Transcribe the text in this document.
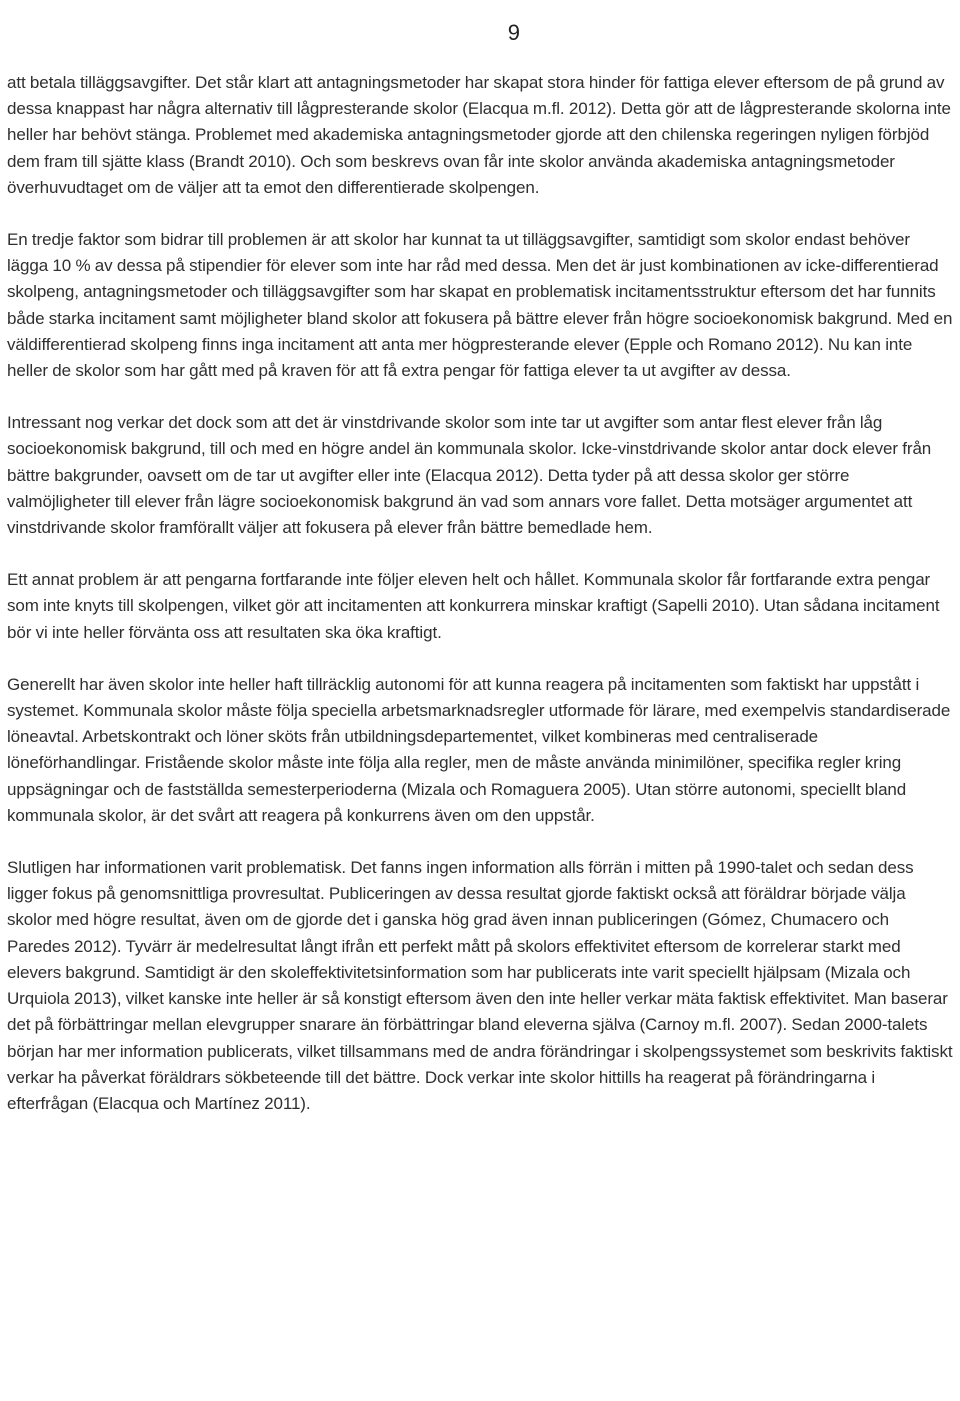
9

att betala tilläggsavgifter. Det står klart att antagningsmetoder har skapat stora hinder för fattiga elever eftersom de på grund av dessa knappast har några alternativ till lågpresterande skolor (Elacqua m.fl. 2012). Detta gör att de lågpresterande skolorna inte heller har behövt stänga. Problemet med akademiska antagningsmetoder gjorde att den chilenska regeringen nyligen förbjöd dem fram till sjätte klass (Brandt 2010). Och som beskrevs ovan får inte skolor använda akademiska antagningsmetoder överhuvudtaget om de väljer att ta emot den differentierade skolpengen.

En tredje faktor som bidrar till problemen är att skolor har kunnat ta ut tilläggsavgifter, samtidigt som skolor endast behöver lägga 10 % av dessa på stipendier för elever som inte har råd med dessa. Men det är just kombinationen av icke-differentierad skolpeng, antagningsmetoder och tilläggsavgifter som har skapat en problematisk incitamentsstruktur eftersom det har funnits både starka incitament samt möjligheter bland skolor att fokusera på bättre elever från högre socioekonomisk bakgrund. Med en väldifferentierad skolpeng finns inga incitament att anta mer högpresterande elever (Epple och Romano 2012). Nu kan inte heller de skolor som har gått med på kraven för att få extra pengar för fattiga elever ta ut avgifter av dessa.

Intressant nog verkar det dock som att det är vinstdrivande skolor som inte tar ut avgifter som antar flest elever från låg socioekonomisk bakgrund, till och med en högre andel än kommunala skolor. Icke-vinstdrivande skolor antar dock elever från bättre bakgrunder, oavsett om de tar ut avgifter eller inte (Elacqua 2012). Detta tyder på att dessa skolor ger större valmöjligheter till elever från lägre socioekonomisk bakgrund än vad som annars vore fallet. Detta motsäger argumentet att vinstdrivande skolor framförallt väljer att fokusera på elever från bättre bemedlade hem.

Ett annat problem är att pengarna fortfarande inte följer eleven helt och hållet. Kommunala skolor får fortfarande extra pengar som inte knyts till skolpengen, vilket gör att incitamenten att konkurrera minskar kraftigt (Sapelli 2010). Utan sådana incitament bör vi inte heller förvänta oss att resultaten ska öka kraftigt.

Generellt har även skolor inte heller haft tillräcklig autonomi för att kunna reagera på incitamenten som faktiskt har uppstått i systemet. Kommunala skolor måste följa speciella arbetsmarknadsregler utformade för lärare, med exempelvis standardiserade löneavtal. Arbetskontrakt och löner sköts från utbildningsdepartementet, vilket kombineras med centraliserade löneförhandlingar. Fristående skolor måste inte följa alla regler, men de måste använda minimilöner, specifika regler kring uppsägningar och de fastställda semesterperioderna (Mizala och Romaguera 2005). Utan större autonomi, speciellt bland kommunala skolor, är det svårt att reagera på konkurrens även om den uppstår.

Slutligen har informationen varit problematisk. Det fanns ingen information alls förrän i mitten på 1990-talet och sedan dess ligger fokus på genomsnittliga provresultat. Publiceringen av dessa resultat gjorde faktiskt också att föräldrar började välja skolor med högre resultat, även om de gjorde det i ganska hög grad även innan publiceringen (Gómez, Chumacero och Paredes 2012). Tyvärr är medelresultat långt ifrån ett perfekt mått på skolors effektivitet eftersom de korrelerar starkt med elevers bakgrund. Samtidigt är den skoleffektivitetsinformation som har publicerats inte varit speciellt hjälpsam (Mizala och Urquiola 2013), vilket kanske inte heller är så konstigt eftersom även den inte heller verkar mäta faktisk effektivitet. Man baserar det på förbättringar mellan elevgrupper snarare än förbättringar bland eleverna själva (Carnoy m.fl. 2007). Sedan 2000-talets början har mer information publicerats, vilket tillsammans med de andra förändringar i skolpengssystemet som beskrivits faktiskt verkar ha påverkat föräldrars sökbeteende till det bättre. Dock verkar inte skolor hittills ha reagerat på förändringarna i efterfrågan (Elacqua och Martínez 2011).
